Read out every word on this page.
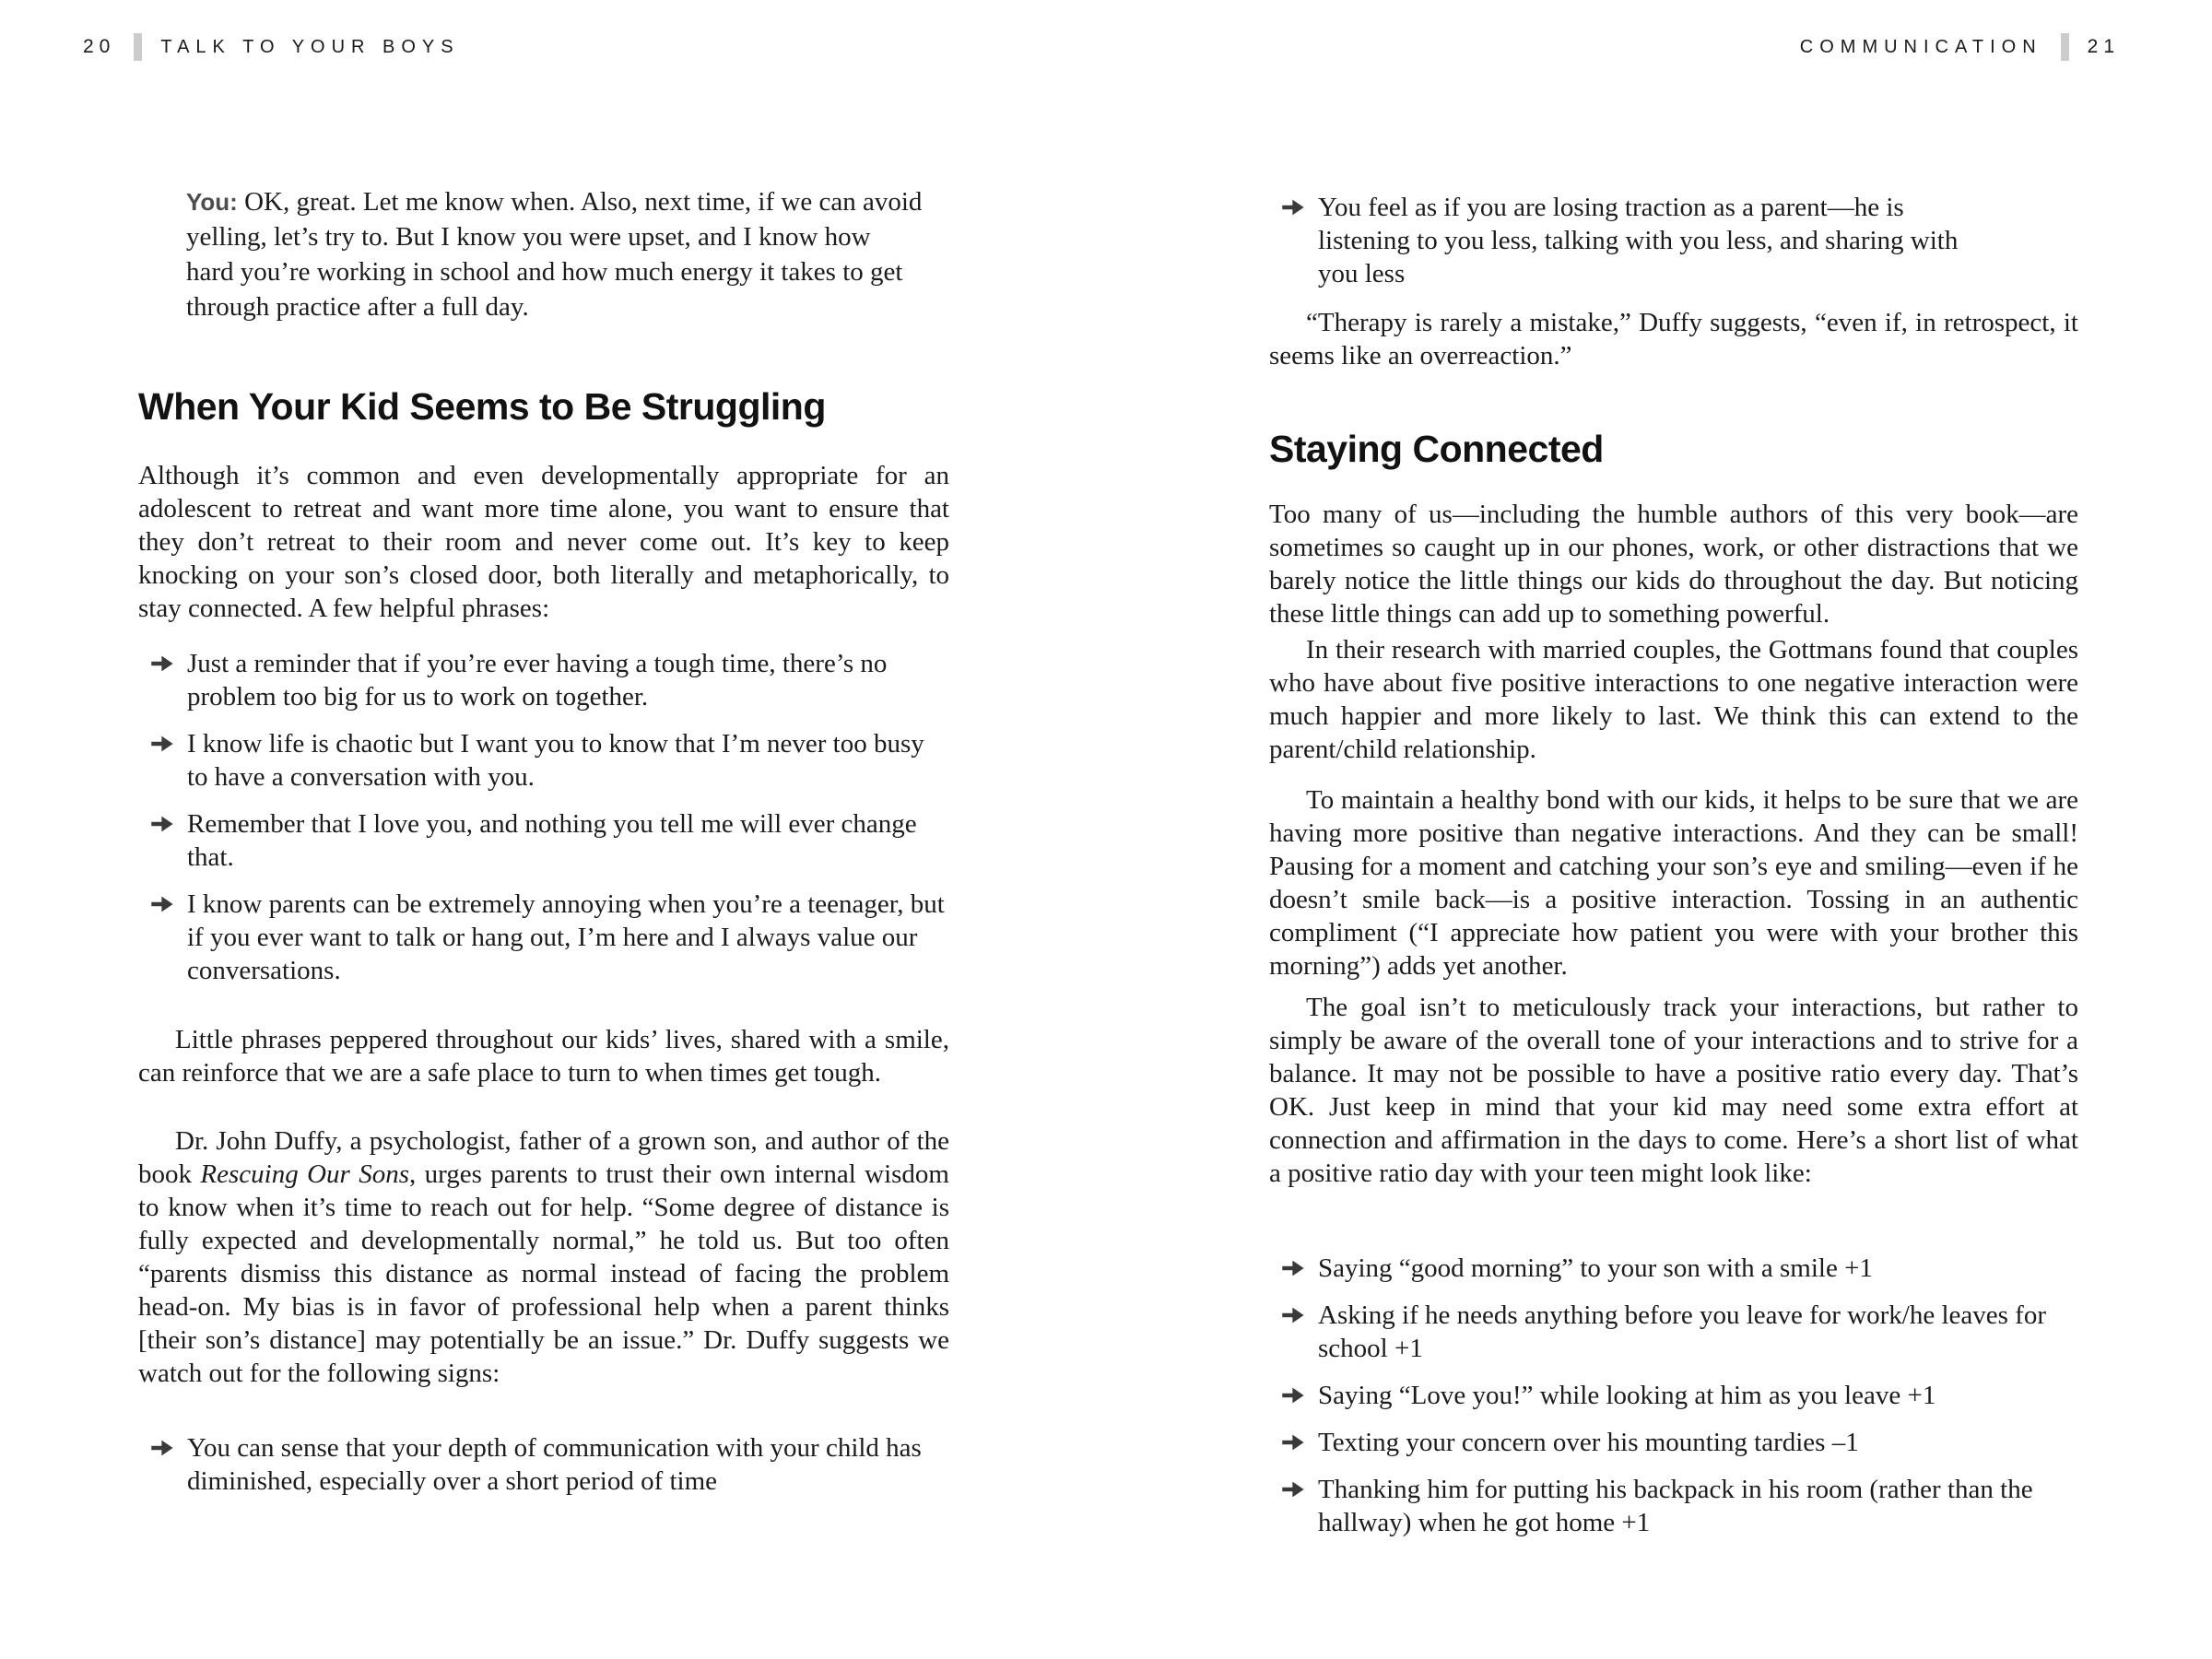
20 TALK TO YOUR BOYS
You: OK, great. Let me know when. Also, next time, if we can avoid yelling, let’s try to. But I know you were upset, and I know how hard you’re working in school and how much energy it takes to get through practice after a full day.
When Your Kid Seems to Be Struggling
Although it’s common and even developmentally appropriate for an adolescent to retreat and want more time alone, you want to ensure that they don’t retreat to their room and never come out. It’s key to keep knocking on your son’s closed door, both literally and metaphorically, to stay connected. A few helpful phrases:
Just a reminder that if you’re ever having a tough time, there’s no problem too big for us to work on together.
I know life is chaotic but I want you to know that I’m never too busy to have a conversation with you.
Remember that I love you, and nothing you tell me will ever change that.
I know parents can be extremely annoying when you’re a teenager, but if you ever want to talk or hang out, I’m here and I always value our conversations.
Little phrases peppered throughout our kids’ lives, shared with a smile, can reinforce that we are a safe place to turn to when times get tough.
Dr. John Duffy, a psychologist, father of a grown son, and author of the book Rescuing Our Sons, urges parents to trust their own internal wisdom to know when it’s time to reach out for help. “Some degree of distance is fully expected and developmentally normal,” he told us. But too often “parents dismiss this distance as normal instead of facing the problem head-on. My bias is in favor of professional help when a parent thinks [their son’s distance] may potentially be an issue.” Dr. Duffy suggests we watch out for the following signs:
You can sense that your depth of communication with your child has diminished, especially over a short period of time
COMMUNICATION 21
You feel as if you are losing traction as a parent—he is listening to you less, talking with you less, and sharing with you less
“Therapy is rarely a mistake,” Duffy suggests, “even if, in retrospect, it seems like an overreaction.”
Staying Connected
Too many of us—including the humble authors of this very book—are sometimes so caught up in our phones, work, or other distractions that we barely notice the little things our kids do throughout the day. But noticing these little things can add up to something powerful.
In their research with married couples, the Gottmans found that couples who have about five positive interactions to one negative interaction were much happier and more likely to last. We think this can extend to the parent/child relationship.
To maintain a healthy bond with our kids, it helps to be sure that we are having more positive than negative interactions. And they can be small! Pausing for a moment and catching your son’s eye and smiling—even if he doesn’t smile back—is a positive interaction. Tossing in an authentic compliment (“I appreciate how patient you were with your brother this morning”) adds yet another.
The goal isn’t to meticulously track your interactions, but rather to simply be aware of the overall tone of your interactions and to strive for a balance. It may not be possible to have a positive ratio every day. That’s OK. Just keep in mind that your kid may need some extra effort at connection and affirmation in the days to come. Here’s a short list of what a positive ratio day with your teen might look like:
Saying “good morning” to your son with a smile +1
Asking if he needs anything before you leave for work/he leaves for school +1
Saying “Love you!” while looking at him as you leave +1
Texting your concern over his mounting tardies –1
Thanking him for putting his backpack in his room (rather than the hallway) when he got home +1
